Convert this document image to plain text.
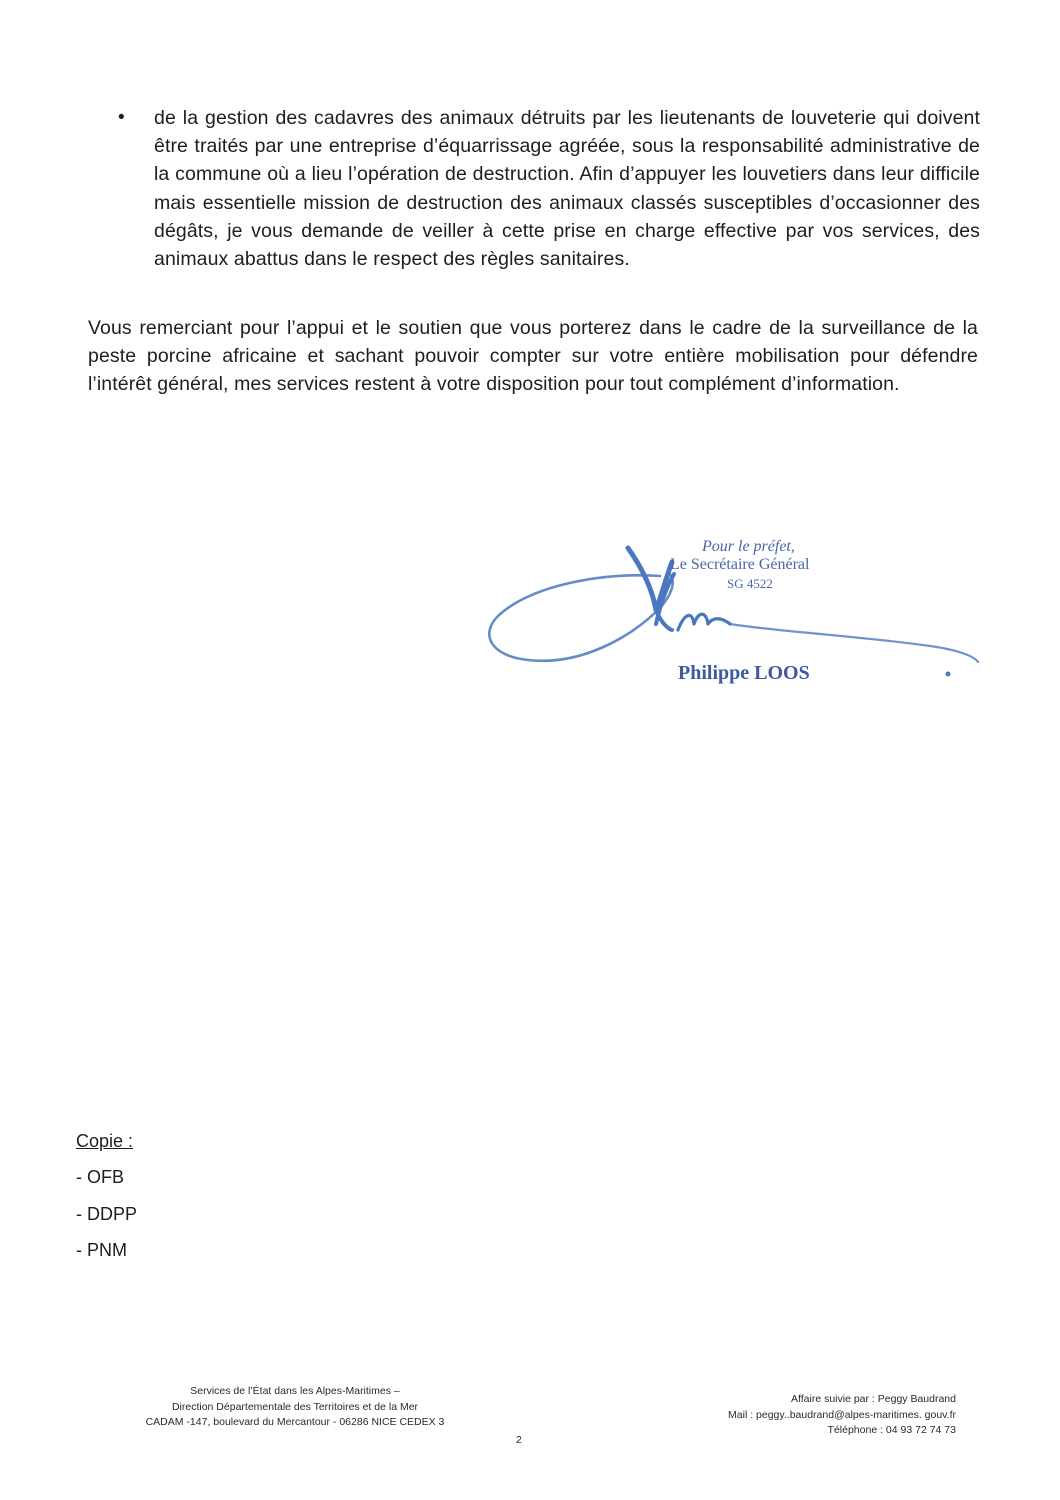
•	de la gestion des cadavres des animaux détruits par les lieutenants de louveterie qui doivent être traités par une entreprise d’équarrissage agréée, sous la responsabilité administrative de la commune où a lieu l’opération de destruction. Afin d’appuyer les louvetiers dans leur difficile mais essentielle mission de destruction des animaux classés susceptibles d’occasionner des dégâts, je vous demande de veiller à cette prise en charge effective par vos services, des animaux abattus dans le respect des règles sanitaires.
Vous remerciant pour l’appui et le soutien que vous porterez dans le cadre de la surveillance de la peste porcine africaine et sachant pouvoir compter sur votre entière mobilisation pour défendre l’intérêt général, mes services restent à votre disposition pour tout complément d’information.
Pour le préfet,
Le Secrétaire Général
SG 4522
Philippe LOOS
Copie :
- OFB
- DDPP
- PNM
Services de l’État dans les Alpes-Maritimes –
Direction Départementale des Territoires et de la Mer
CADAM -147, boulevard du Mercantour - 06286 NICE CEDEX 3
2
Affaire suivie par : Peggy Baudrand
Mail : peggy..baudrand@alpes-maritimes. gouv.fr
Téléphone : 04 93 72 74 73
